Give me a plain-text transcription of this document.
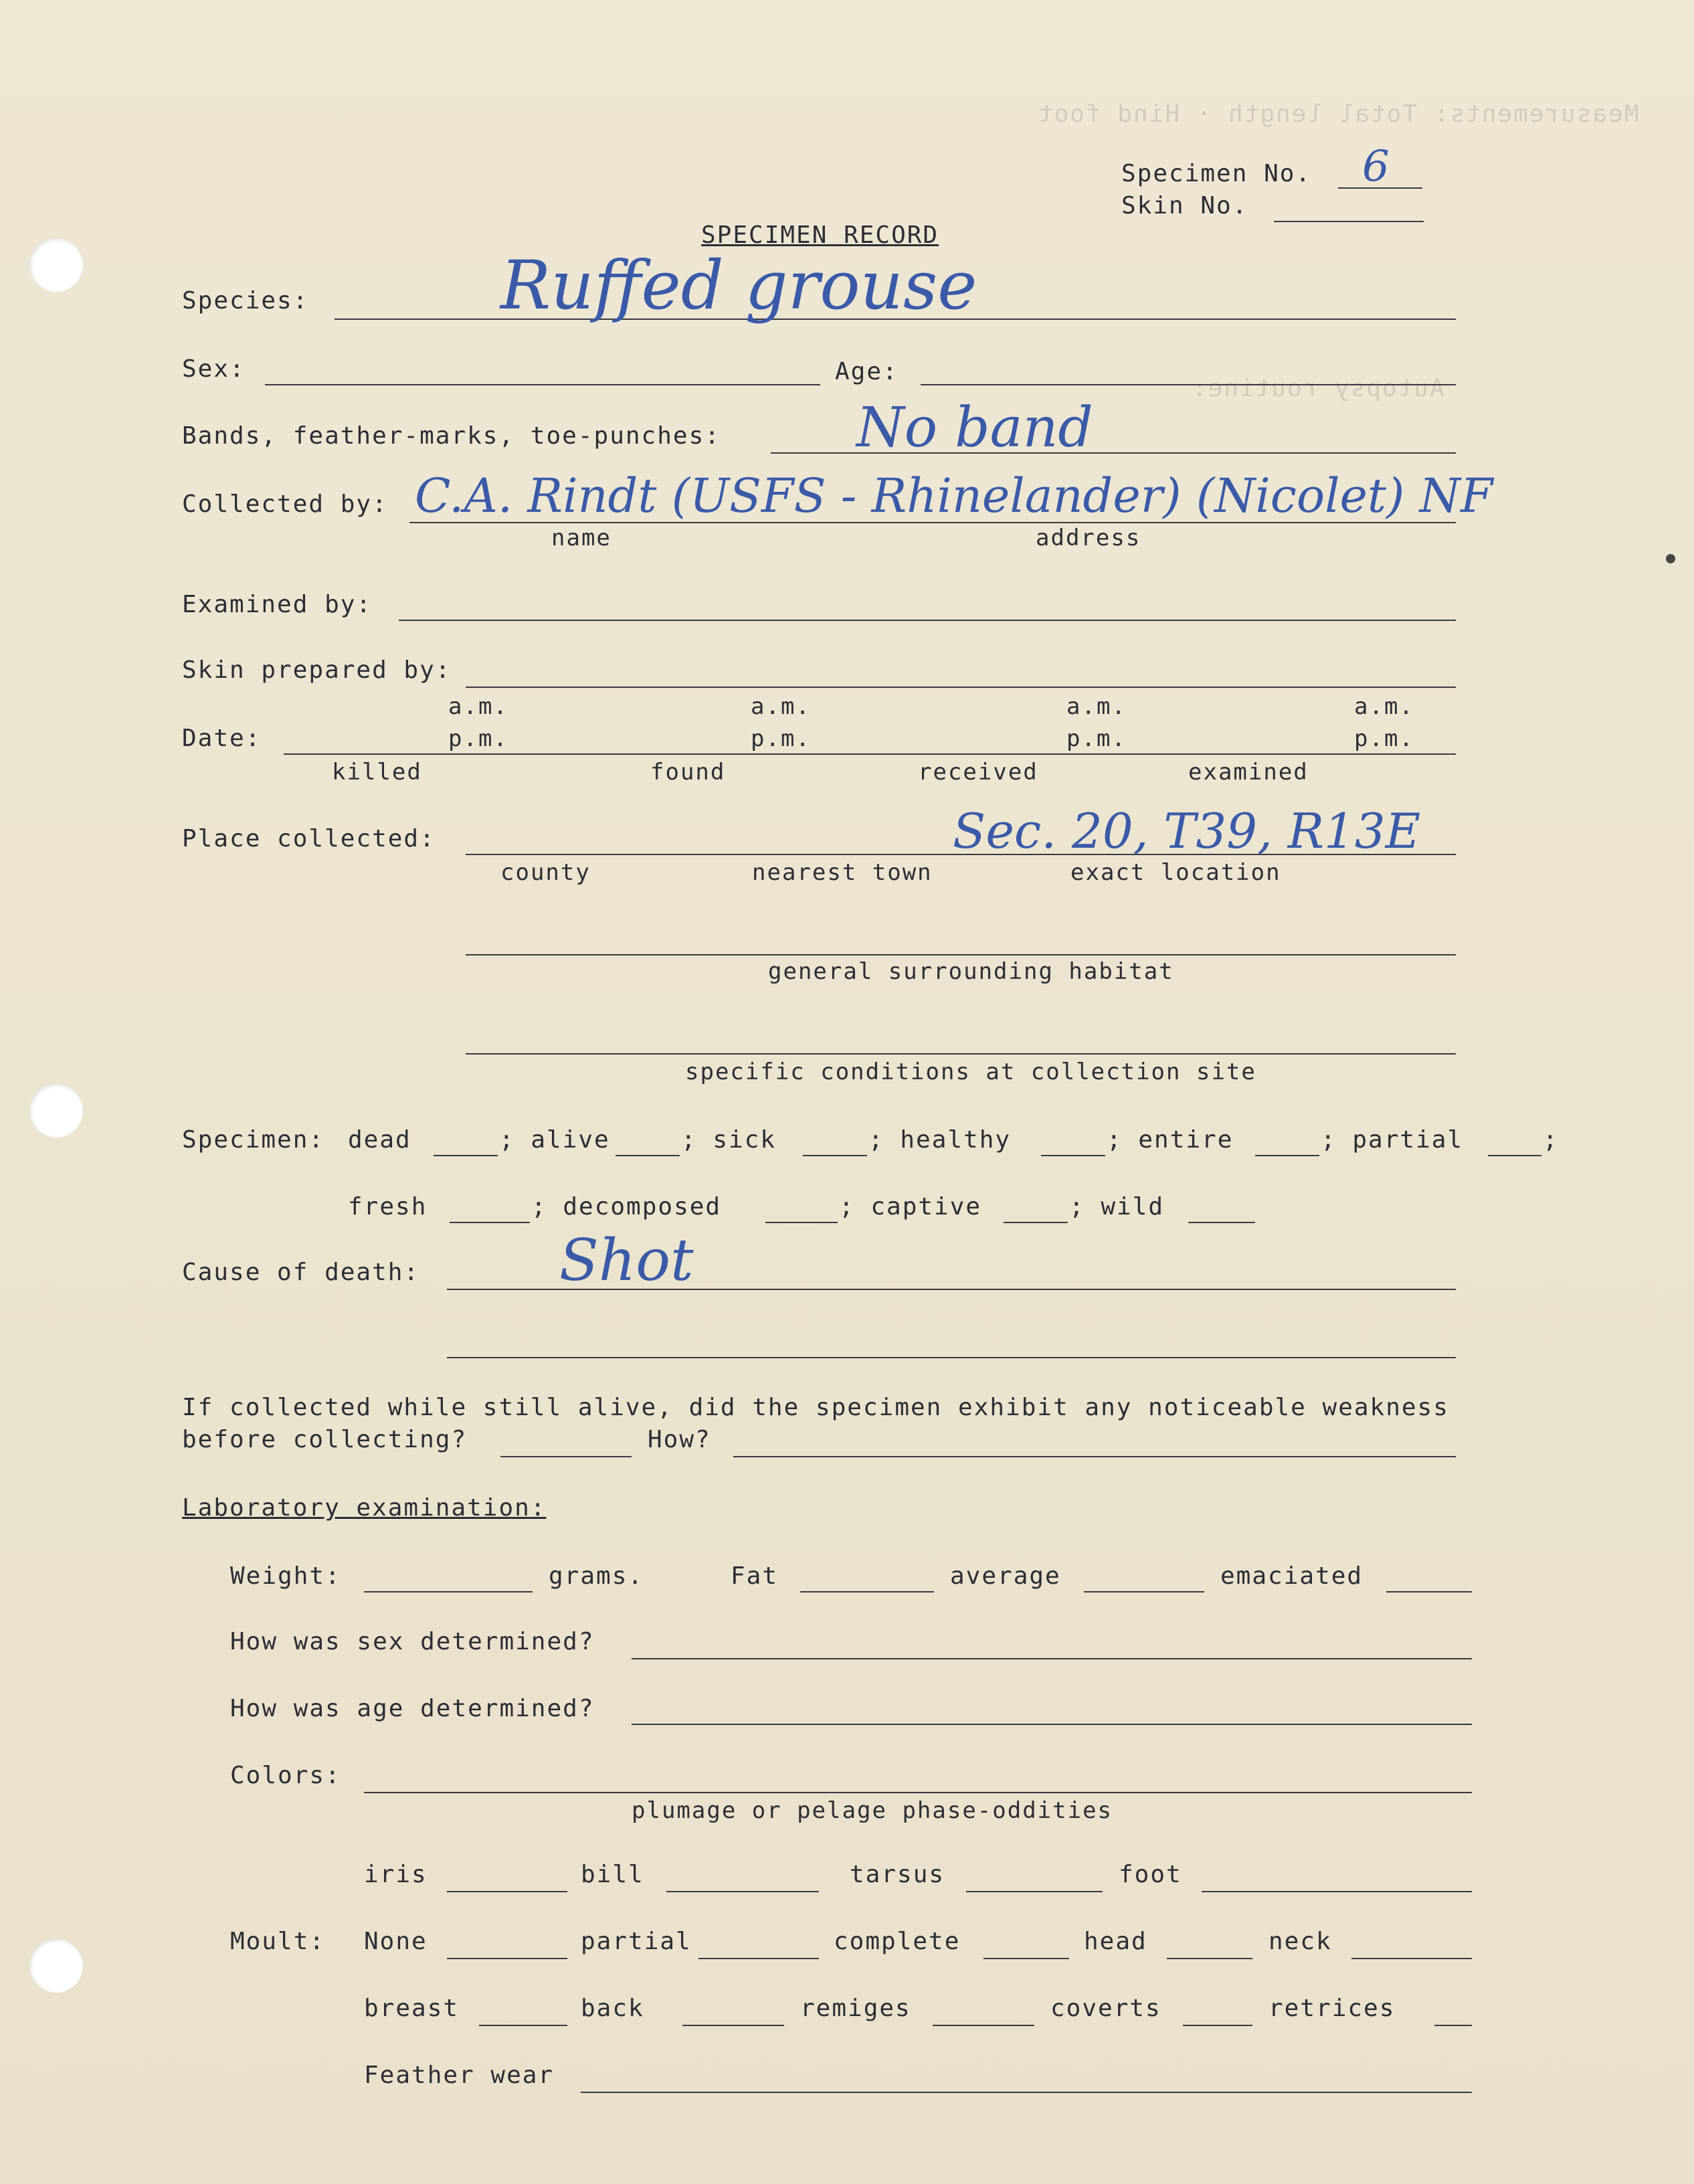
Measurements: Total length · Hind foot
Autopsy routine:
Specimen No. 6
Skin No.
SPECIMEN RECORD
Species:	Ruffed grouse
Sex:	Age:
Bands, feather-marks, toe-punches: No band
Collected by: C.A. Rindt (USFS - Rhinelander) (Nicolet) NF
name	address
Examined by:
Skin prepared by:
a.m.	a.m.	a.m.	a.m.
Date:	p.m.	p.m.	p.m.	p.m.
killed	found	received	examined
Place collected:	Sec. 20, T39, R13E
county	nearest town	exact location
general surrounding habitat
specific conditions at collection site
Specimen: dead	; alive	; sick	; healthy	; entire	; partial	;
fresh	; decomposed	; captive	; wild
Cause of death: Shot
If collected while still alive, did the specimen exhibit any noticeable weakness
before collecting?	How?
Laboratory examination:
Weight:	grams.	Fat	average	emaciated
How was sex determined?
How was age determined?
Colors:
plumage or pelage phase-oddities
iris	bill	tarsus	foot
Moult: None	partial	complete	head	neck
breast	back	remiges	coverts	retrices
Feather wear
